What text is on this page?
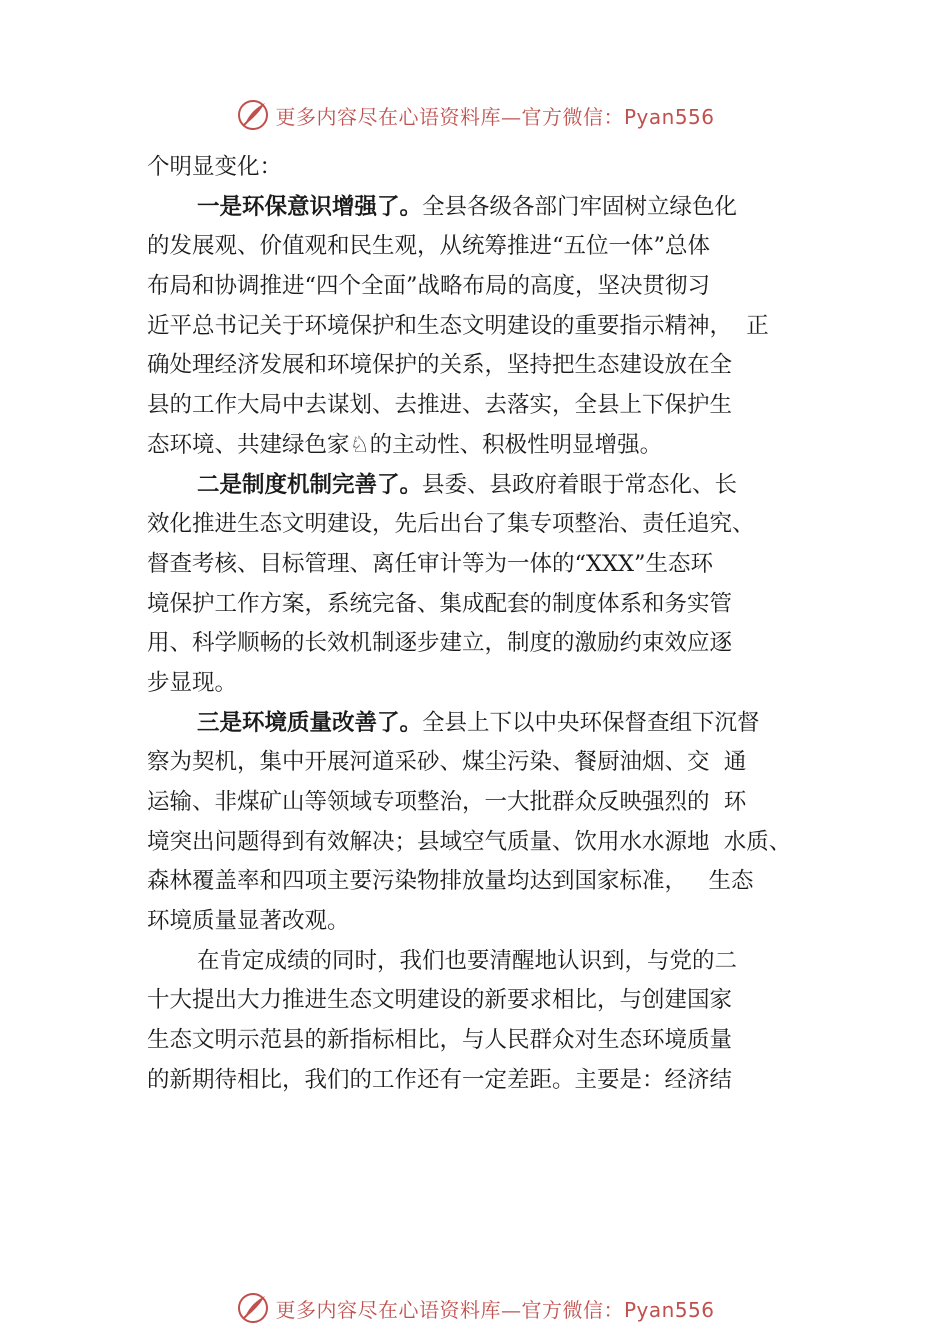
更多内容尽在心语资料库—官方微信：Pyan556
个明显变化：
一是环保意识增强了。全县各级各部门牢固树立绿色化
的发展观、价值观和民生观，从统筹推进“五位一体”总体
布局和协调推进“四个全面”战略布局的高度，坚决贯彻习
近平总书记关于环境保护和生态文明建设的重要指示精神，  正
确处理经济发展和环境保护的关系，坚持把生态建设放在全
县的工作大局中去谋划、去推进、去落实，全县上下保护生
态环境、共建绿色家♘的主动性、积极性明显增强。
二是制度机制完善了。县委、县政府着眼于常态化、长
效化推进生态文明建设，先后出台了集专项整治、责任追究、
督查考核、目标管理、离任审计等为一体的“XXX”生态环
境保护工作方案，系统完备、集成配套的制度体系和务实管
用、科学顺畅的长效机制逐步建立，制度的激励约束效应逐
步显现。
三是环境质量改善了。全县上下以中央环保督查组下沉督
察为契机，集中开展河道采砂、煤尘污染、餐厨油烟、交  通
运输、非煤矿山等领域专项整治，一大批群众反映强烈的  环
境突出问题得到有效解决；县域空气质量、饮用水水源地  水质、
森林覆盖率和四项主要污染物排放量均达到国家标准，   生态
环境质量显著改观。
在肯定成绩的同时，我们也要清醒地认识到，与党的二
十大提出大力推进生态文明建设的新要求相比，与创建国家
生态文明示范县的新指标相比，与人民群众对生态环境质量
的新期待相比，我们的工作还有一定差距。主要是：经济结
更多内容尽在心语资料库—官方微信：Pyan556
